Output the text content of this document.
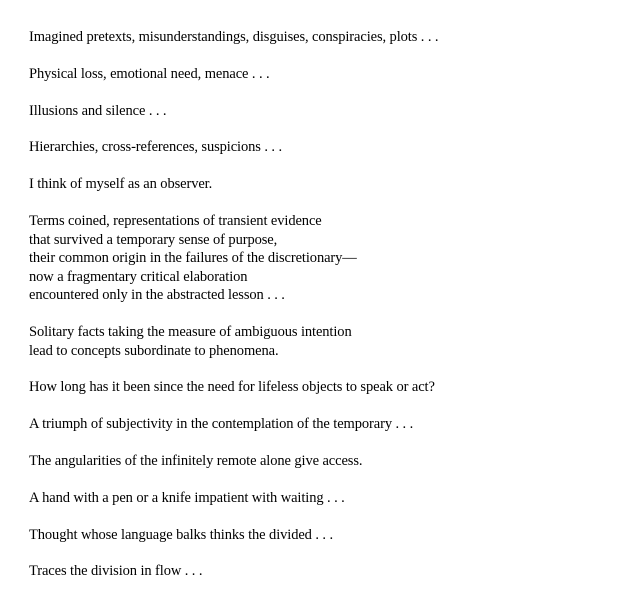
Imagined pretexts, misunderstandings, disguises, conspiracies, plots . . .

Physical loss, emotional need, menace . . .

Illusions and silence . . .

Hierarchies, cross-references, suspicions . . .

I think of myself as an observer.

Terms coined, representations of transient evidence
that survived a temporary sense of purpose,
their common origin in the failures of the discretionary—
now a fragmentary critical elaboration
encountered only in the abstracted lesson . . .

Solitary facts taking the measure of ambiguous intention
lead to concepts subordinate to phenomena.

How long has it been since the need for lifeless objects to speak or act?

A triumph of subjectivity in the contemplation of the temporary . . .

The angularities of the infinitely remote alone give access.

A hand with a pen or a knife impatient with waiting . . .

Thought whose language balks thinks the divided . . .

Traces the division in flow . . .
